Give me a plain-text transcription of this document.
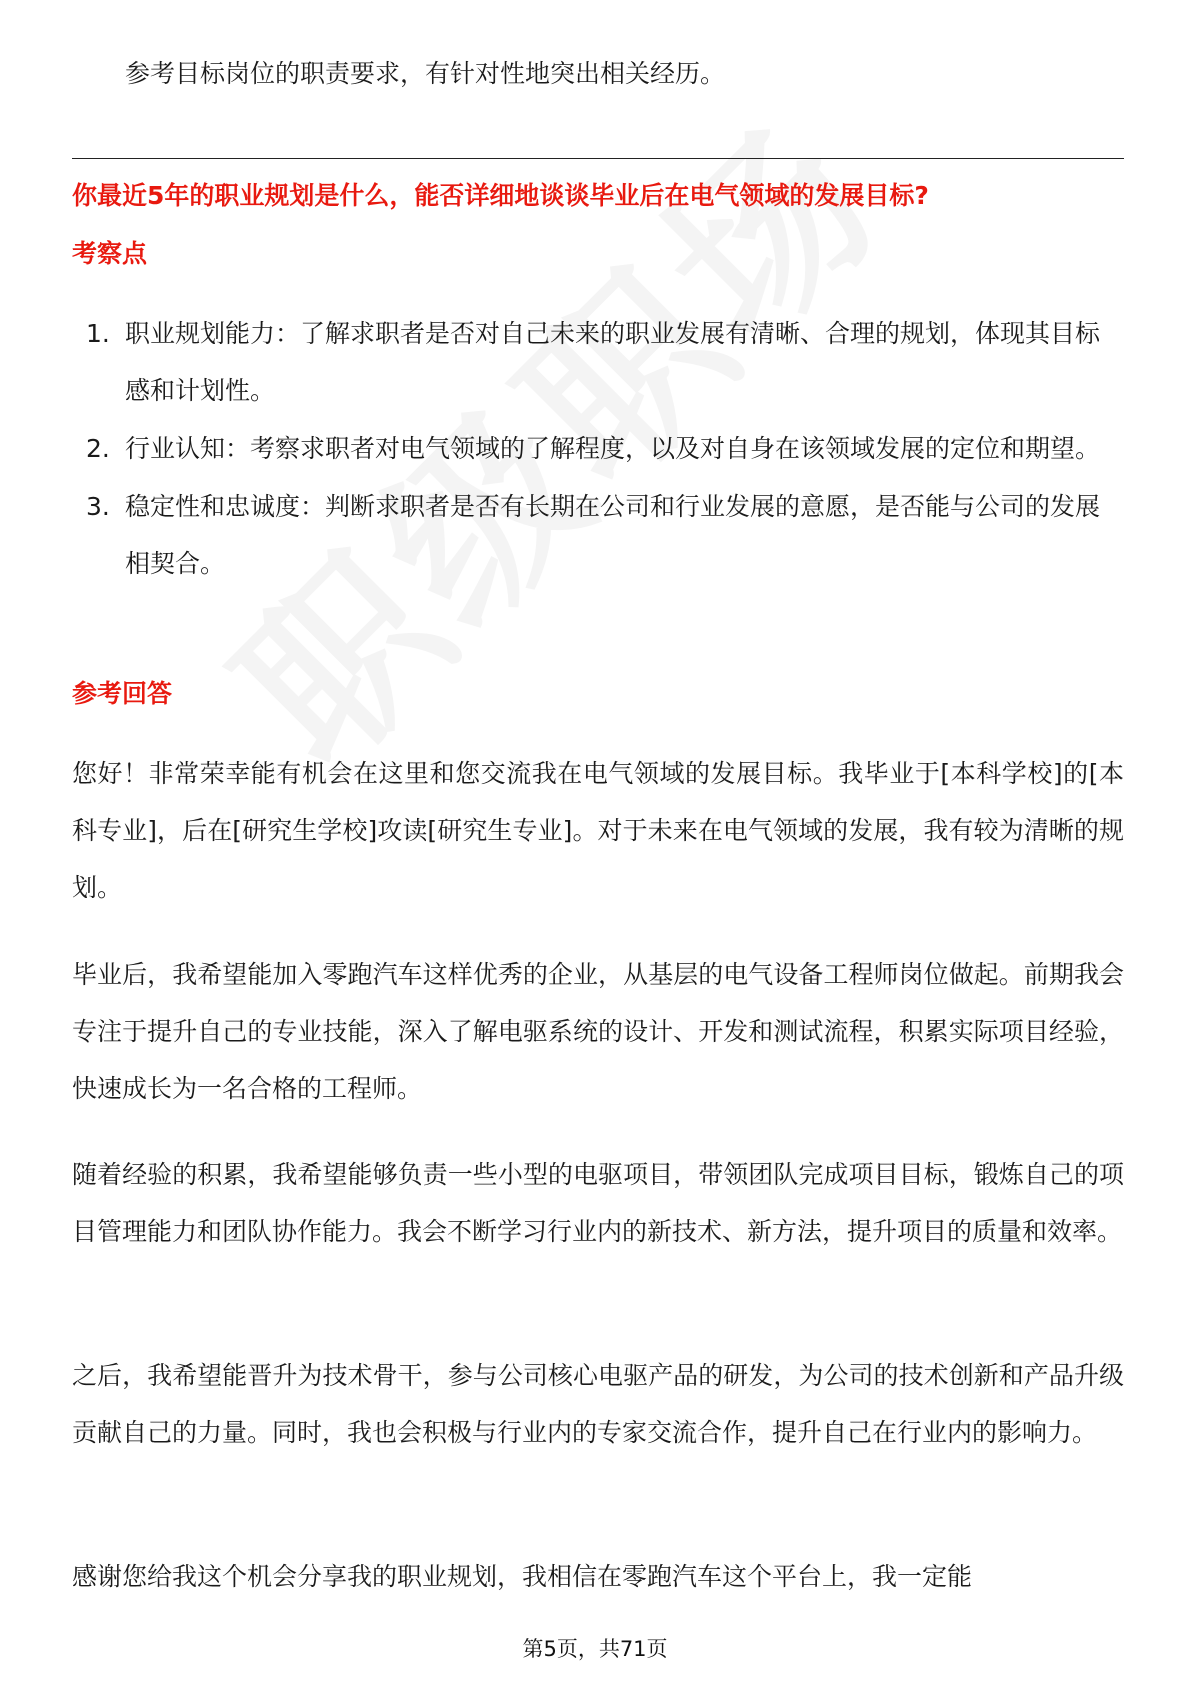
参考目标岗位的职责要求，有针对性地突出相关经历。
你最近5年的职业规划是什么，能否详细地谈谈毕业后在电气领域的发展目标?
考察点
1. 职业规划能力：了解求职者是否对自己未来的职业发展有清晰、合理的规划，体现其目标感和计划性。
2. 行业认知：考察求职者对电气领域的了解程度，以及对自身在该领域发展的定位和期望。
3. 稳定性和忠诚度：判断求职者是否有长期在公司和行业发展的意愿，是否能与公司的发展相契合。
参考回答

您好！非常荣幸能有机会在这里和您交流我在电气领域的发展目标。我毕业于[本科学校]的[本科专业]，后在[研究生学校]攻读[研究生专业]。对于未来在电气领域的发展，我有较为清晰的规划。

毕业后，我希望能加入零跑汽车这样优秀的企业，从基层的电气设备工程师岗位做起。前期我会专注于提升自己的专业技能，深入了解电驱系统的设计、开发和测试流程，积累实际项目经验，快速成长为一名合格的工程师。

随着经验的积累，我希望能够负责一些小型的电驱项目，带领团队完成项目目标，锻炼自己的项目管理能力和团队协作能力。我会不断学习行业内的新技术、新方法，提升项目的质量和效率。

之后，我希望能晋升为技术骨干，参与公司核心电驱产品的研发，为公司的技术创新和产品升级贡献自己的力量。同时，我也会积极与行业内的专家交流合作，提升自己在行业内的影响力。

感谢您给我这个机会分享我的职业规划，我相信在零跑汽车这个平台上，我一定能

第5页，共71页
